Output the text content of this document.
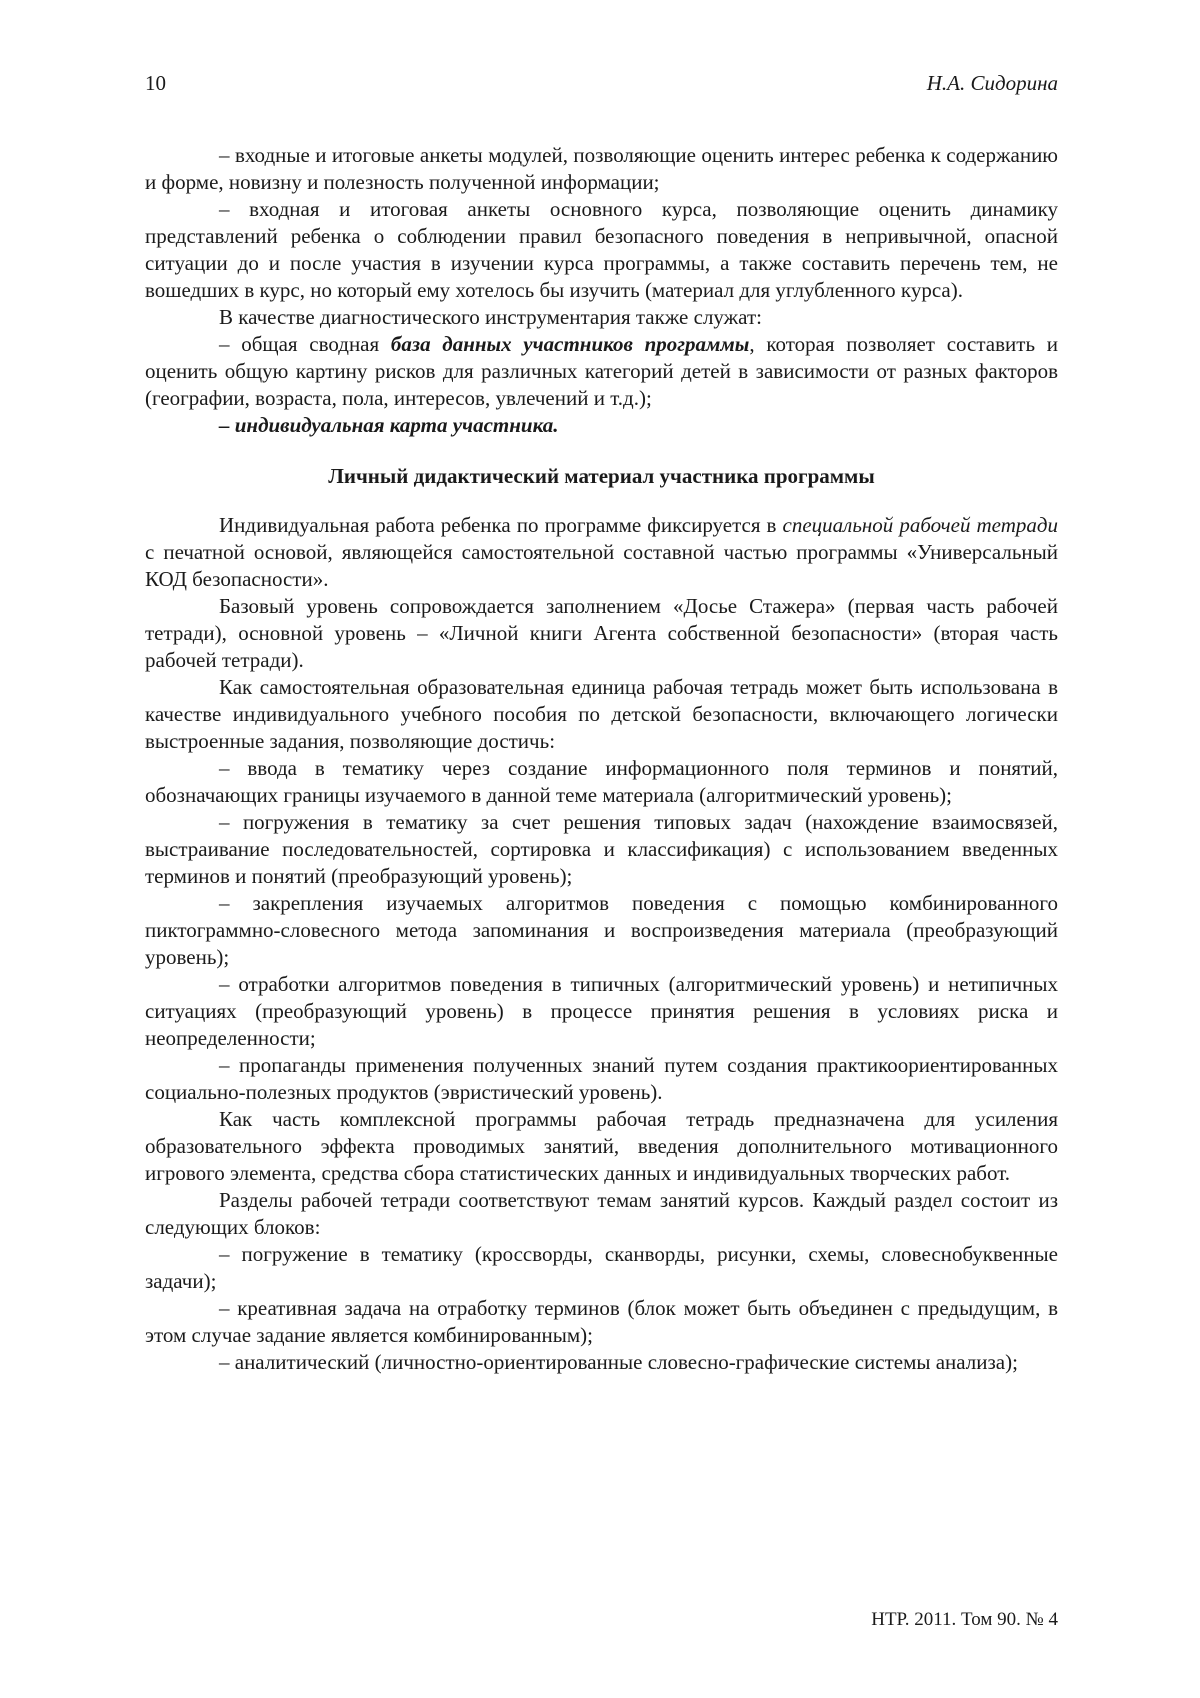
10	Н.А. Сидорина

– входные и итоговые анкеты модулей, позволяющие оценить интерес ребенка к содержанию и форме, новизну и полезность полученной информации;

– входная и итоговая анкеты основного курса, позволяющие оценить динамику представлений ребенка о соблюдении правил безопасного поведения в непривычной, опасной ситуации до и после участия в изучении курса программы, а также составить перечень тем, не вошедших в курс, но который ему хотелось бы изучить (материал для углубленного курса).

В качестве диагностического инструментария также служат:

– общая сводная база данных участников программы, которая позволяет составить и оценить общую картину рисков для различных категорий детей в зависимости от разных факторов (географии, возраста, пола, интересов, увлечений и т.д.);

– индивидуальная карта участника.

Личный дидактический материал участника программы

Индивидуальная работа ребенка по программе фиксируется в специальной рабочей тетради с печатной основой, являющейся самостоятельной составной частью программы «Универсальный КОД безопасности».

Базовый уровень сопровождается заполнением «Досье Стажера» (первая часть рабочей тетради), основной уровень – «Личной книги Агента собственной безопасности» (вторая часть рабочей тетради).

Как самостоятельная образовательная единица рабочая тетрадь может быть использована в качестве индивидуального учебного пособия по детской безопасности, включающего логически выстроенные задания, позволяющие достичь:

– ввода в тематику через создание информационного поля терминов и понятий, обозначающих границы изучаемого в данной теме материала (алгоритмический уровень);

– погружения в тематику за счет решения типовых задач (нахождение взаимосвязей, выстраивание последовательностей, сортировка и классификация) с использованием введенных терминов и понятий (преобразующий уровень);

– закрепления изучаемых алгоритмов поведения с помощью комбинированного пиктограммно-словесного метода запоминания и воспроизведения материала (преобразующий уровень);

– отработки алгоритмов поведения в типичных (алгоритмический уровень) и нетипичных ситуациях (преобразующий уровень) в процессе принятия решения в условиях риска и неопределенности;

– пропаганды применения полученных знаний путем создания практикоориентированных социально-полезных продуктов (эвристический уровень).

Как часть комплексной программы рабочая тетрадь предназначена для усиления образовательного эффекта проводимых занятий, введения дополнительного мотивационного игрового элемента, средства сбора статистических данных и индивидуальных творческих работ.

Разделы рабочей тетради соответствуют темам занятий курсов. Каждый раздел состоит из следующих блоков:

– погружение в тематику (кроссворды, сканворды, рисунки, схемы, словеснобуквенные задачи);

– креативная задача на отработку терминов (блок может быть объединен с предыдущим, в этом случае задание является комбинированным);

– аналитический (личностно-ориентированные словесно-графические системы анализа);

НТР. 2011. Том 90. № 4
